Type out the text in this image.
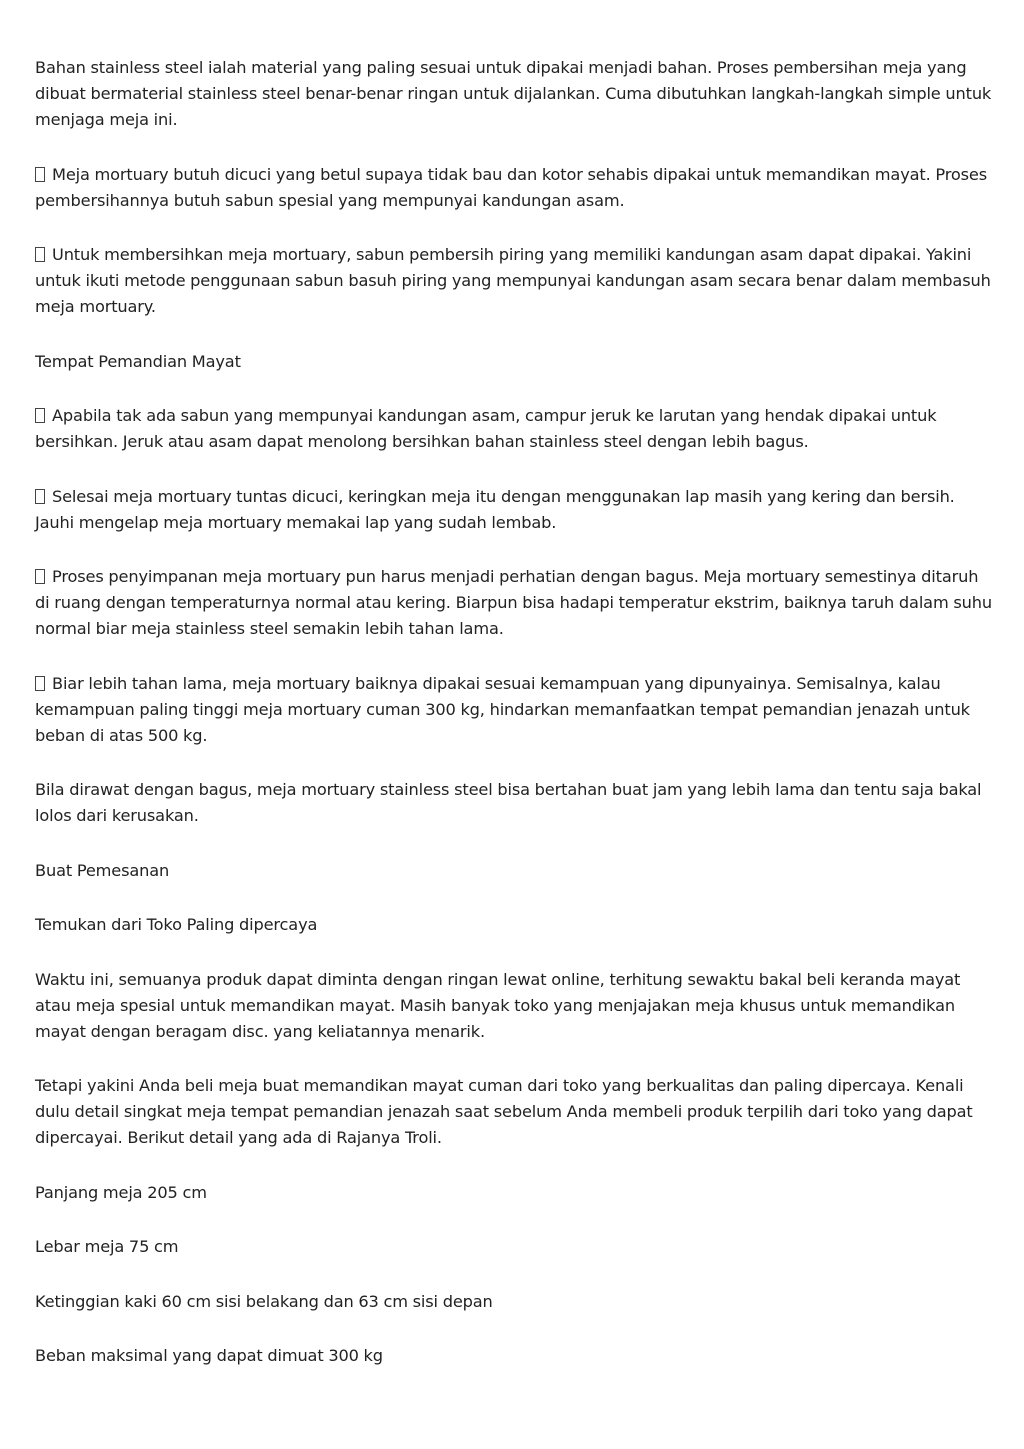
Bahan stainless steel ialah material yang paling sesuai untuk dipakai menjadi bahan. Proses pembersihan meja yang dibuat bermaterial stainless steel benar-benar ringan untuk dijalankan. Cuma dibutuhkan langkah-langkah simple untuk menjaga meja ini.

Meja mortuary butuh dicuci yang betul supaya tidak bau dan kotor sehabis dipakai untuk memandikan mayat. Proses pembersihannya butuh sabun spesial yang mempunyai kandungan asam.

Untuk membersihkan meja mortuary, sabun pembersih piring yang memiliki kandungan asam dapat dipakai. Yakini untuk ikuti metode penggunaan sabun basuh piring yang mempunyai kandungan asam secara benar dalam membasuh meja mortuary.

Tempat Pemandian Mayat

Apabila tak ada sabun yang mempunyai kandungan asam, campur jeruk ke larutan yang hendak dipakai untuk bersihkan. Jeruk atau asam dapat menolong bersihkan bahan stainless steel dengan lebih bagus.

Selesai meja mortuary tuntas dicuci, keringkan meja itu dengan menggunakan lap masih yang kering dan bersih. Jauhi mengelap meja mortuary memakai lap yang sudah lembab.

Proses penyimpanan meja mortuary pun harus menjadi perhatian dengan bagus. Meja mortuary semestinya ditaruh di ruang dengan temperaturnya normal atau kering. Biarpun bisa hadapi temperatur ekstrim, baiknya taruh dalam suhu normal biar meja stainless steel semakin lebih tahan lama.

Biar lebih tahan lama, meja mortuary baiknya dipakai sesuai kemampuan yang dipunyainya. Semisalnya, kalau kemampuan paling tinggi meja mortuary cuman 300 kg, hindarkan memanfaatkan tempat pemandian jenazah untuk beban di atas 500 kg.

Bila dirawat dengan bagus, meja mortuary stainless steel bisa bertahan buat jam yang lebih lama dan tentu saja bakal lolos dari kerusakan.

Buat Pemesanan

Temukan dari Toko Paling dipercaya

Waktu ini, semuanya produk dapat diminta dengan ringan lewat online, terhitung sewaktu bakal beli keranda mayat atau meja spesial untuk memandikan mayat. Masih banyak toko yang menjajakan meja khusus untuk memandikan mayat dengan beragam disc. yang keliatannya menarik.

Tetapi yakini Anda beli meja buat memandikan mayat cuman dari toko yang berkualitas dan paling dipercaya. Kenali dulu detail singkat meja tempat pemandian jenazah saat sebelum Anda membeli produk terpilih dari toko yang dapat dipercayai. Berikut detail yang ada di Rajanya Troli.

Panjang meja 205 cm

Lebar meja 75 cm

Ketinggian kaki 60 cm sisi belakang dan 63 cm sisi depan

Beban maksimal yang dapat dimuat 300 kg
